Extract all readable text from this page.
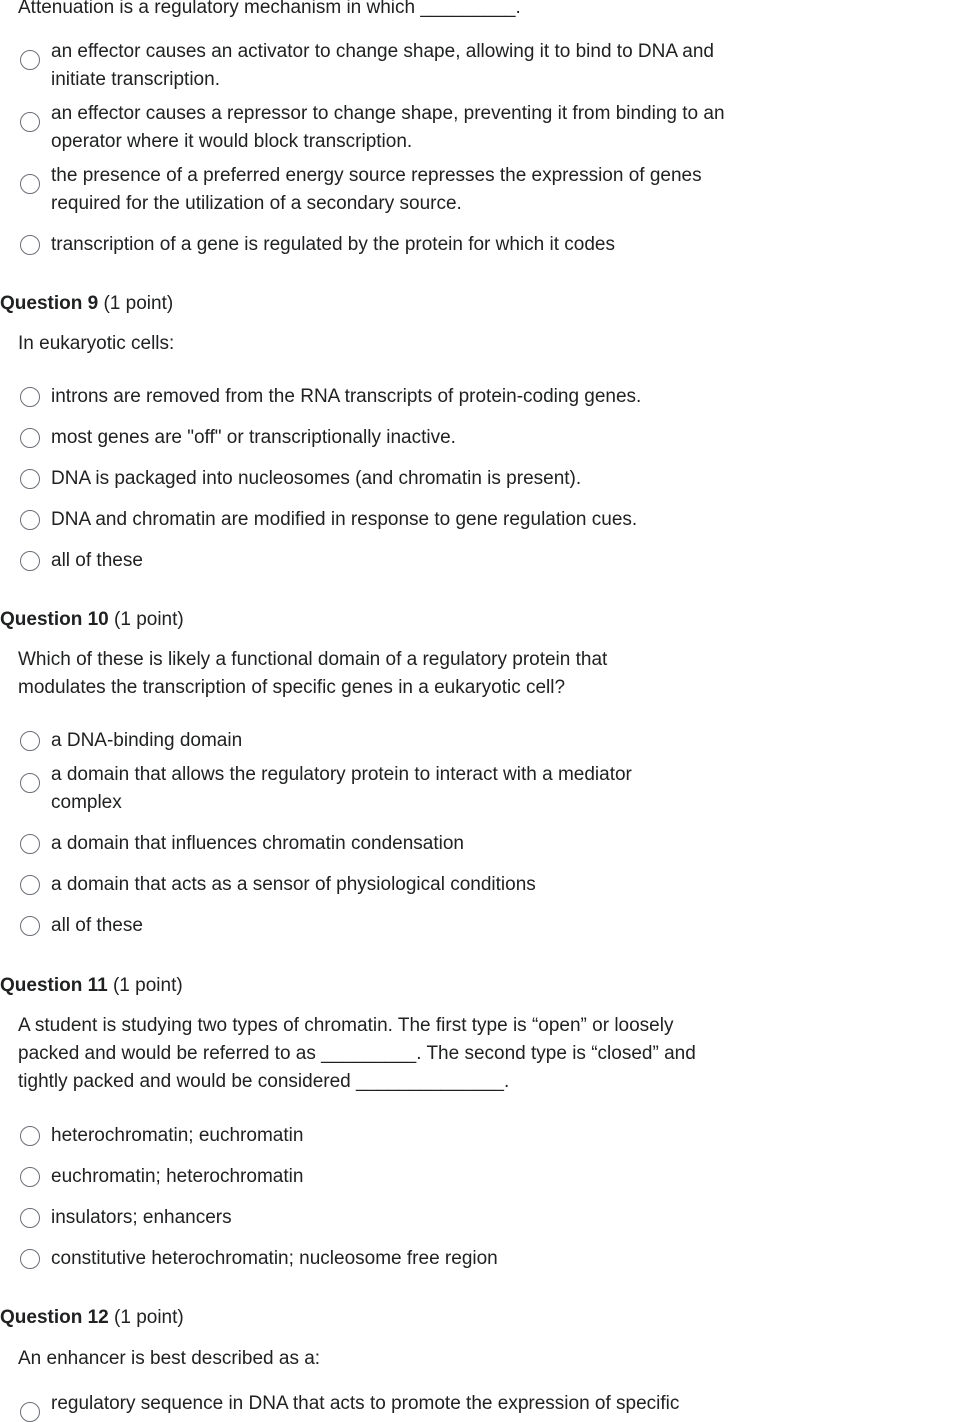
Attenuation is a regulatory mechanism in which _________.
an effector causes an activator to change shape, allowing it to bind to DNA and initiate transcription.
an effector causes a repressor to change shape, preventing it from binding to an operator where it would block transcription.
the presence of a preferred energy source represses the expression of genes required for the utilization of a secondary source.
transcription of a gene is regulated by the protein for which it codes
Question 9 (1 point)
In eukaryotic cells:
introns are removed from the RNA transcripts of protein-coding genes.
most genes are "off" or transcriptionally inactive.
DNA is packaged into nucleosomes (and chromatin is present).
DNA and chromatin are modified in response to gene regulation cues.
all of these
Question 10 (1 point)
Which of these is likely a functional domain of a regulatory protein that modulates the transcription of specific genes in a eukaryotic cell?
a DNA-binding domain
a domain that allows the regulatory protein to interact with a mediator complex
a domain that influences chromatin condensation
a domain that acts as a sensor of physiological conditions
all of these
Question 11 (1 point)
A student is studying two types of chromatin. The first type is “open” or loosely packed and would be referred to as _________. The second type is “closed” and tightly packed and would be considered ______________.
heterochromatin; euchromatin
euchromatin; heterochromatin
insulators; enhancers
constitutive heterochromatin; nucleosome free region
Question 12 (1 point)
An enhancer is best described as a:
regulatory sequence in DNA that acts to promote the expression of specific
